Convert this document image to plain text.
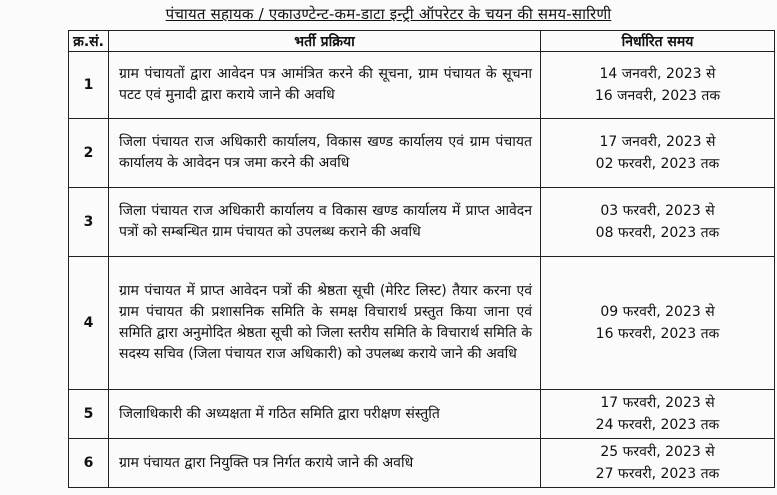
पंचायत सहायक / एकाउण्टेन्ट-कम-डाटा इन्ट्री ऑपरेटर के चयन की समय-सारिणी
क्र.सं.	भर्ती प्रक्रिया	निर्धारित समय
1	ग्राम पंचायतों द्वारा आवेदन पत्र आमंत्रित करने की सूचना, ग्राम पंचायत के सूचना पटट एवं मुनादी द्वारा कराये जाने की अवधि	14 जनवरी, 2023 से
16 जनवरी, 2023 तक

2	जिला पंचायत राज अधिकारी कार्यालय, विकास खण्ड कार्यालय एवं ग्राम पंचायत कार्यालय के आवेदन पत्र जमा करने की अवधि	17 जनवरी, 2023 से
02 फरवरी, 2023 तक

3	जिला पंचायत राज अधिकारी कार्यालय व विकास खण्ड कार्यालय में प्राप्त आवेदन पत्रों को सम्बन्धित ग्राम पंचायत को उपलब्ध कराने की अवधि	03 फरवरी, 2023 से
08 फरवरी, 2023 तक

4	ग्राम पंचायत में प्राप्त आवेदन पत्रों की श्रेष्ठता सूची (मेरिट लिस्ट) तैयार करना एवं ग्राम पंचायत की प्रशासनिक समिति के समक्ष विचारार्थ प्रस्तुत किया जाना एवं समिति द्वारा अनुमोदित श्रेष्ठता सूची को जिला स्तरीय समिति के विचारार्थ समिति के सदस्य सचिव (जिला पंचायत राज अधिकारी) को उपलब्ध कराये जाने की अवधि	09 फरवरी, 2023 से
16 फरवरी, 2023 तक

5	जिलाधिकारी की अध्यक्षता में गठित समिति द्वारा परीक्षण संस्तुति	17 फरवरी, 2023 से
24 फरवरी, 2023 तक

6	ग्राम पंचायत द्वारा नियुक्ति पत्र निर्गत कराये जाने की अवधि	25 फरवरी, 2023 से
27 फरवरी, 2023 तक
